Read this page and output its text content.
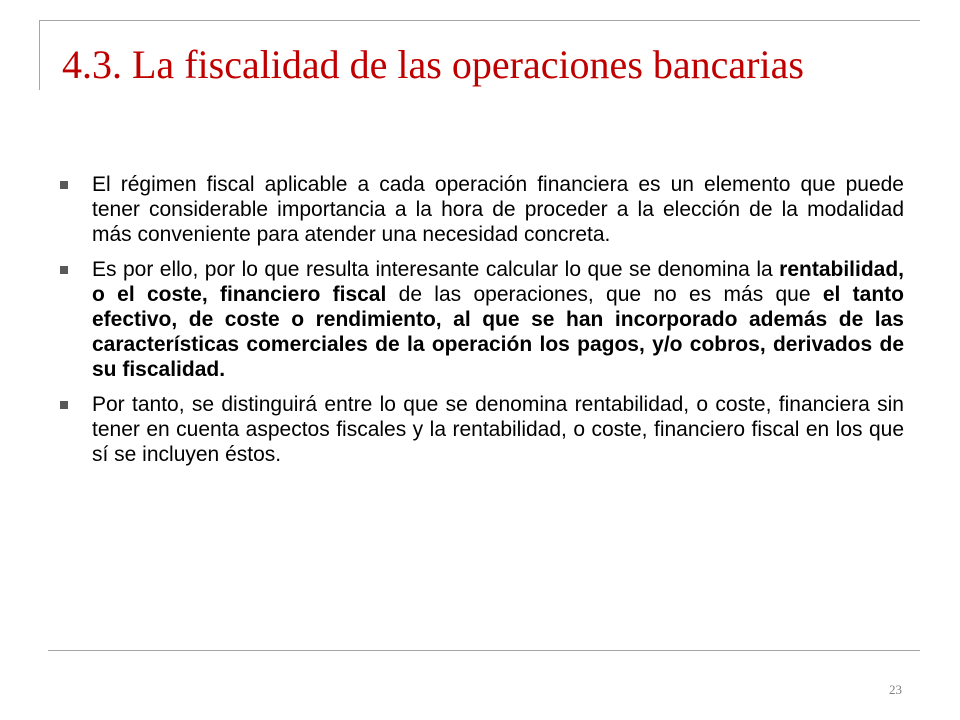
4.3. La fiscalidad de las operaciones bancarias
El régimen fiscal aplicable a cada operación financiera es un elemento que puede tener considerable importancia a la hora de proceder a la elección de la modalidad más conveniente para atender una necesidad concreta.
Es por ello, por lo que resulta interesante calcular lo que se denomina la rentabilidad, o el coste, financiero fiscal de las operaciones, que no es más que el tanto efectivo, de coste o rendimiento, al que se han incorporado además de las características comerciales de la operación los pagos, y/o cobros, derivados de su fiscalidad.
Por tanto, se distinguirá entre lo que se denomina rentabilidad, o coste, financiera sin tener en cuenta aspectos fiscales y la rentabilidad, o coste, financiero fiscal en los que sí se incluyen éstos.
23
